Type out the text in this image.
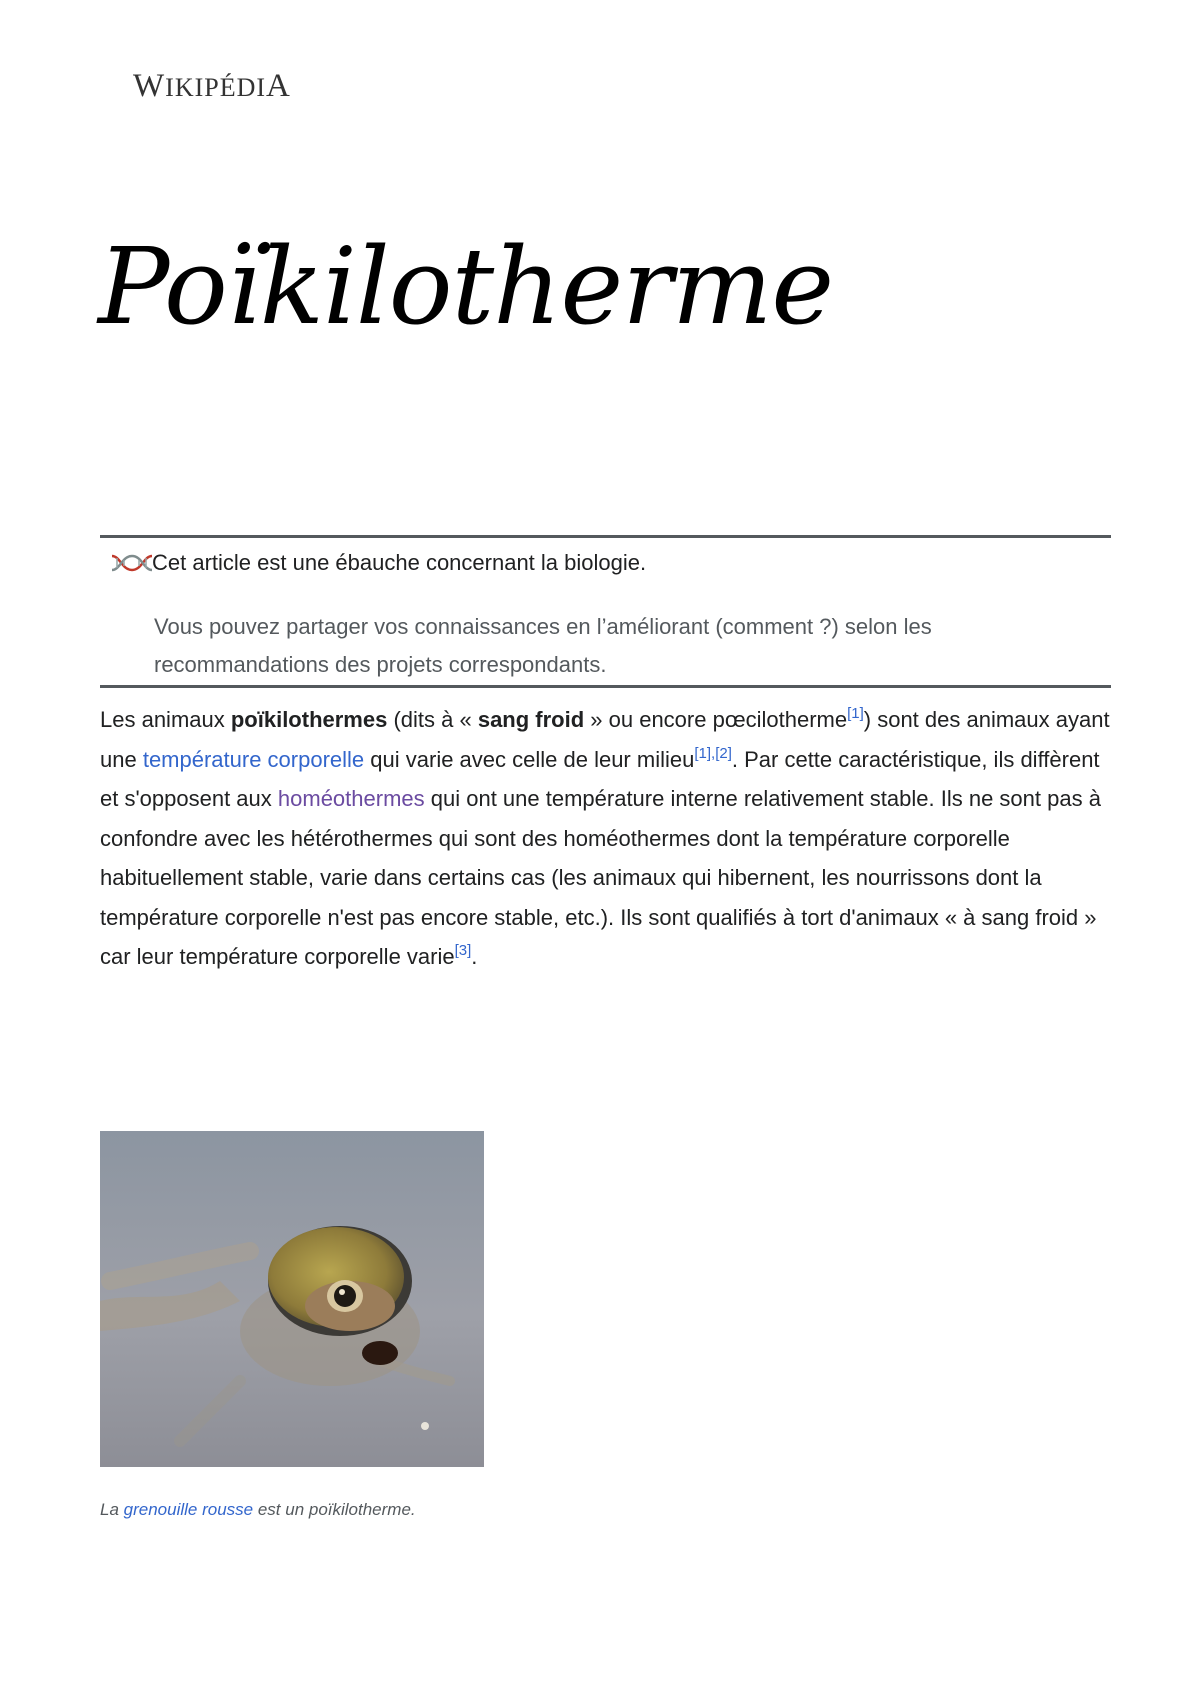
WIKIPÉDIA
Poïkilotherme
Cet article est une ébauche concernant la biologie.
Vous pouvez partager vos connaissances en l’améliorant (comment ?) selon les recommandations des projets correspondants.

Les animaux poïkilothermes (dits à « sang froid » ou encore pœcilotherme[1]) sont des animaux ayant une température corporelle qui varie avec celle de leur milieu[1],[2]. Par cette caractéristique, ils diffèrent et s'opposent aux homéothermes qui ont une température interne relativement stable. Ils ne sont pas à confondre avec les hétérothermes qui sont des homéothermes dont la température corporelle habituellement stable, varie dans certains cas (les animaux qui hibernent, les nourrissons dont la température corporelle n'est pas encore stable, etc.). Ils sont qualifiés à tort d'animaux « à sang froid » car leur température corporelle varie[3].

La grenouille rousse est un poïkilotherme.
